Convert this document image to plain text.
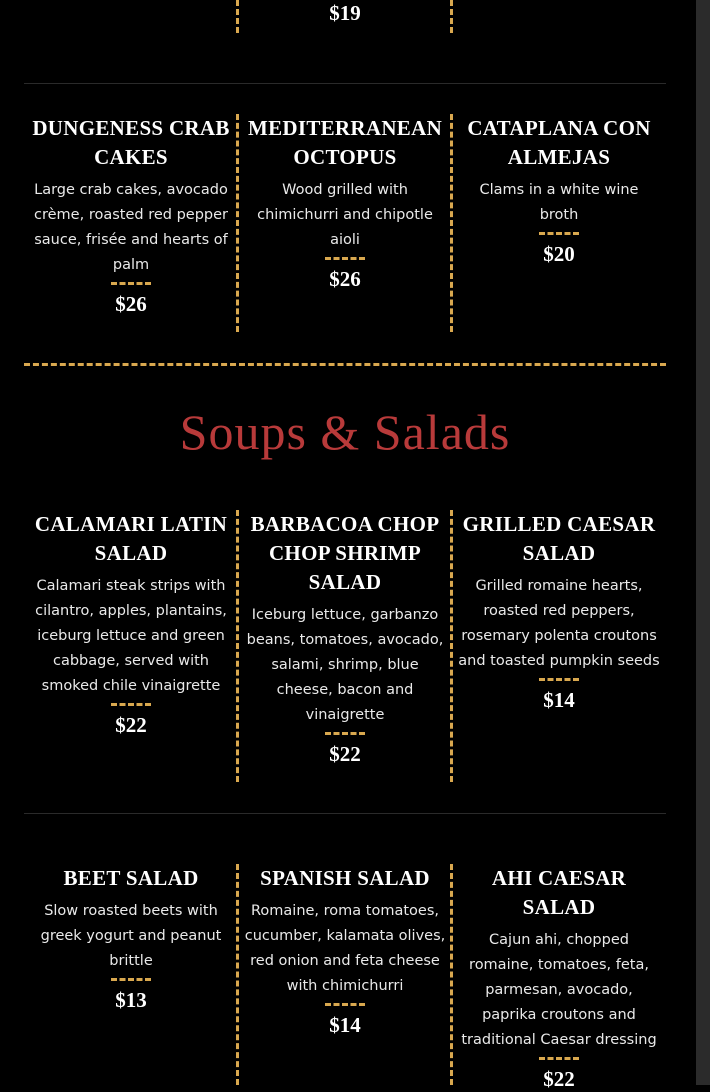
$19
DUNGENESS CRAB CAKES

Large crab cakes, avocado crème, roasted red pepper sauce, frisée and hearts of palm

$26
MEDITERRANEAN OCTOPUS

Wood grilled with chimichurri and chipotle aioli

$26
CATAPLANA CON ALMEJAS

Clams in a white wine broth

$20
Soups & Salads
CALAMARI LATIN SALAD

Calamari steak strips with cilantro, apples, plantains, iceburg lettuce and green cabbage, served with smoked chile vinaigrette

$22
BARBACOA CHOP CHOP SHRIMP SALAD

Iceburg lettuce, garbanzo beans, tomatoes, avocado, salami, shrimp, blue cheese, bacon and vinaigrette

$22
GRILLED CAESAR SALAD

Grilled romaine hearts, roasted red peppers, rosemary polenta croutons and toasted pumpkin seeds

$14
BEET SALAD

Slow roasted beets with greek yogurt and peanut brittle

$13
SPANISH SALAD

Romaine, roma tomatoes, cucumber, kalamata olives, red onion and feta cheese with chimichurri

$14
AHI CAESAR SALAD

Cajun ahi, chopped romaine, tomatoes, feta, parmesan, avocado, paprika croutons and traditional Caesar dressing

$22
